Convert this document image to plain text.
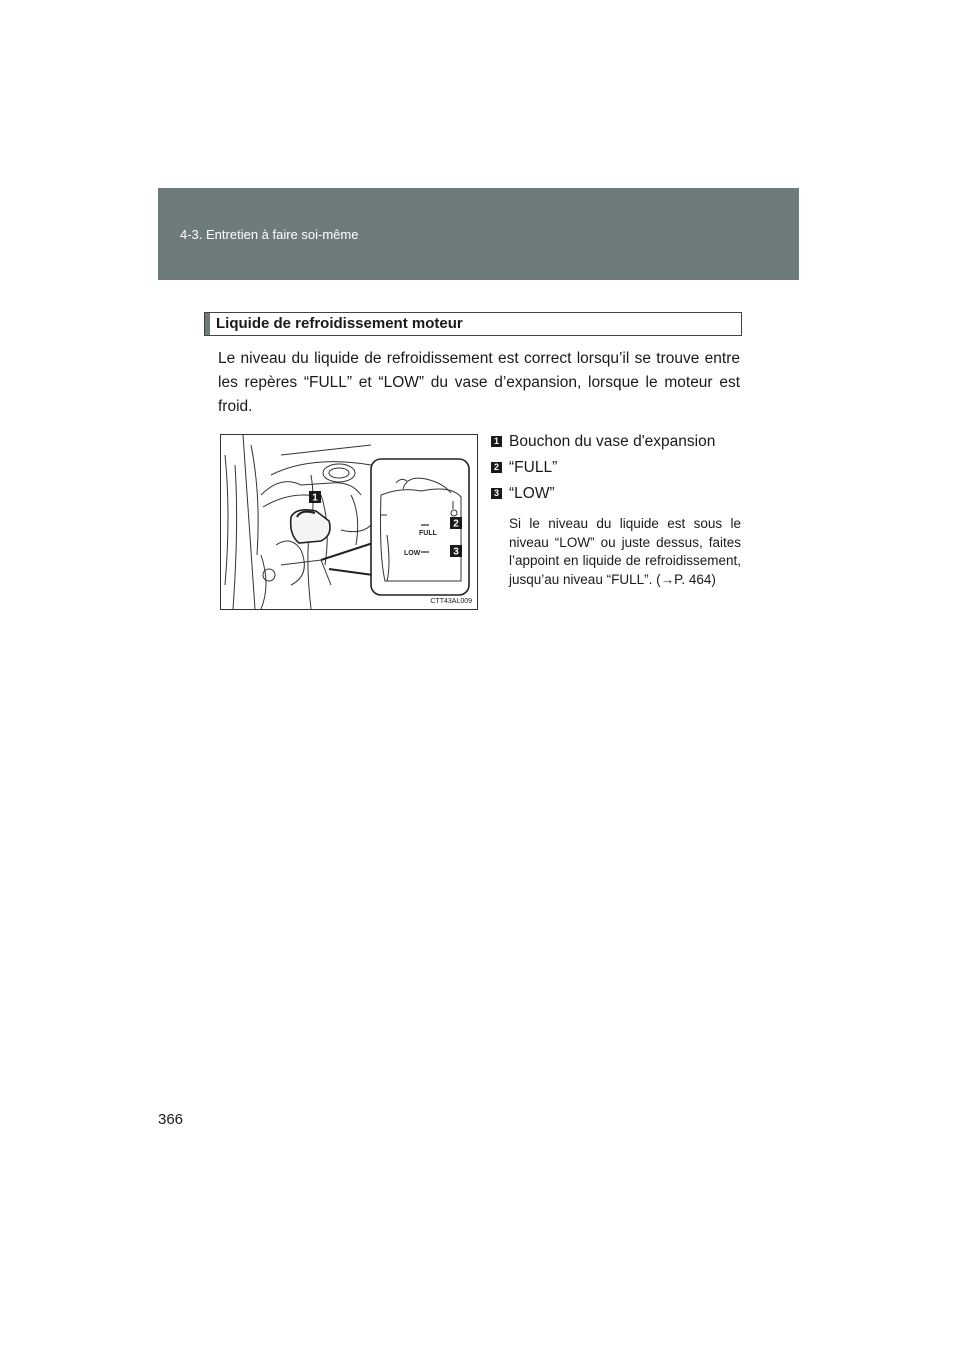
4-3. Entretien à faire soi-même
Liquide de refroidissement moteur
Le niveau du liquide de refroidissement est correct lorsqu’il se trouve entre les repères “FULL” et “LOW” du vase d’expansion, lorsque le moteur est froid.
FULL
LOW
1
2
3
CTT43AL009
1 Bouchon du vase d'expansion
2 “FULL”
3 “LOW”
Si le niveau du liquide est sous le niveau “LOW” ou juste dessus, faites l’appoint en liquide de refroidissement, jusqu’au niveau “FULL”. (→P. 464)
366
